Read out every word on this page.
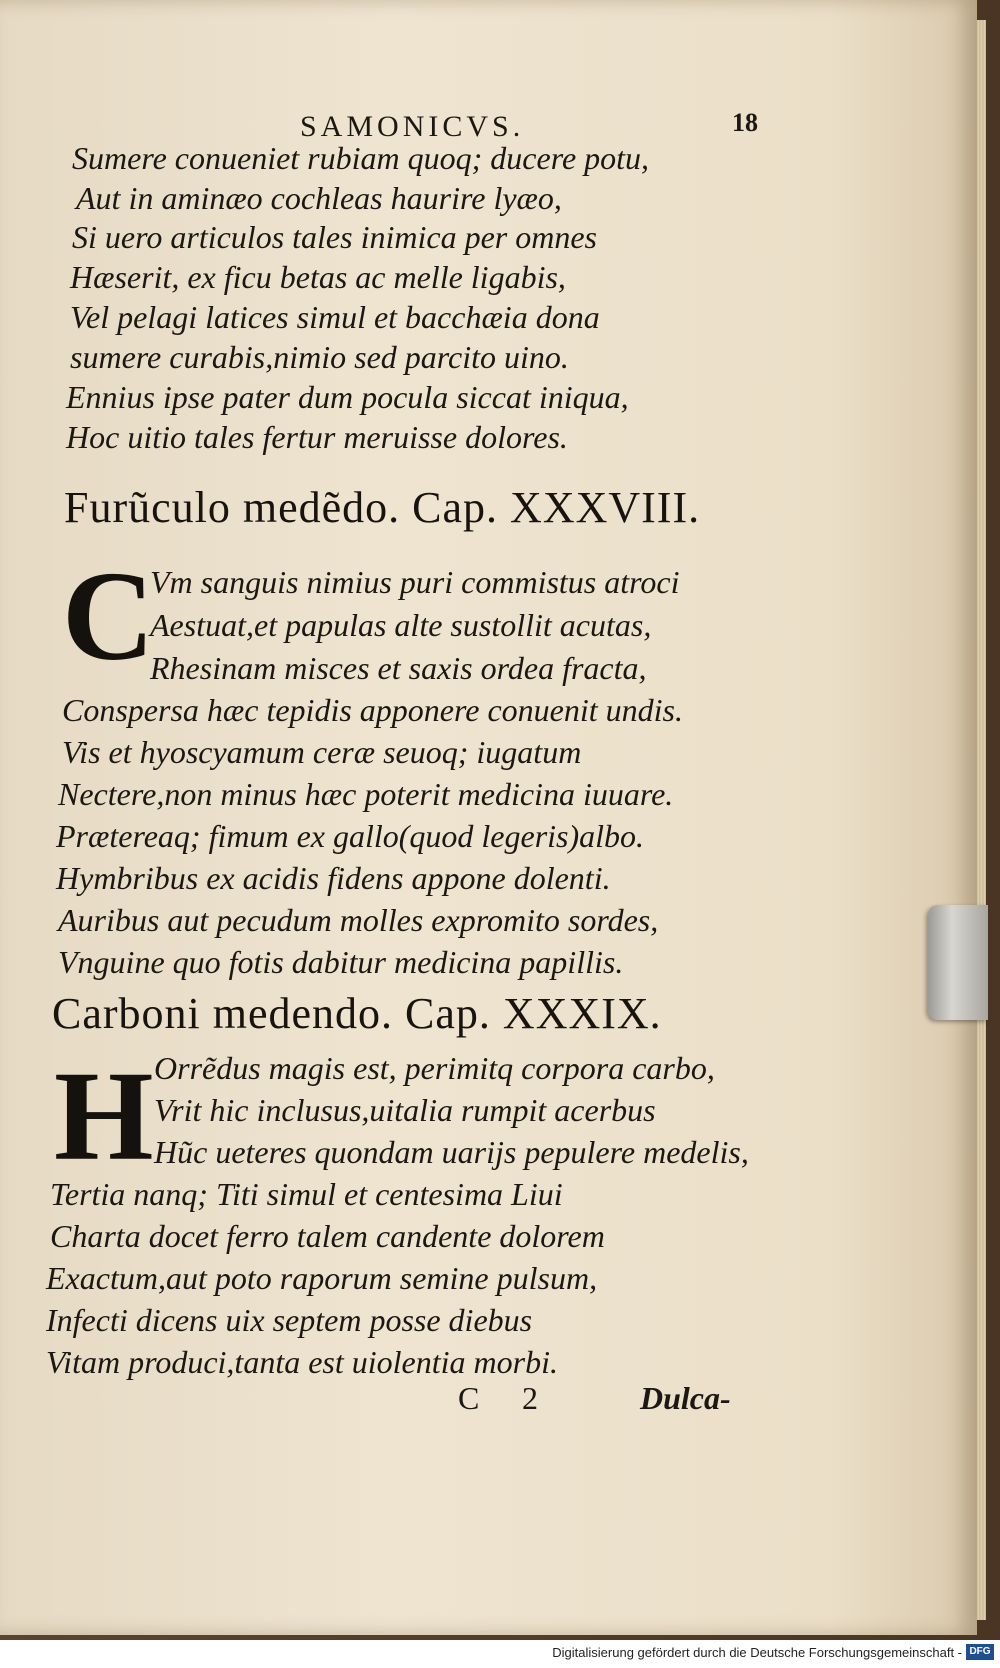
SAMONICVS.	18
Sumere conueniet rubiam quoq; ducere potu,
Aut in aminæo cochleas haurire lyæo,
Si uero articulos tales inimica per omnes
Hæserit, ex ficu betas ac melle ligabis,
Vel pelagi latices simul et bacchæia dona
sumere curabis,nimio sed parcito uino.
Ennius ipse pater dum pocula siccat iniqua,
Hoc uitio tales fertur meruisse dolores.
Furũculo medẽdo. Cap. XXXVIII.
C
Vm sanguis nimius puri commistus atroci
Aestuat,et papulas alte sustollit acutas,
Rhesinam misces et saxis ordea fracta,
Conspersa hæc tepidis apponere conuenit undis.
Vis et hyoscyamum ceræ seuoq; iugatum
Nectere,non minus hæc poterit medicina iuuare.
Prætereaq; fimum ex gallo(quod legeris)albo.
Hymbribus ex acidis fidens appone dolenti.
Auribus aut pecudum molles expromito sordes,
Vnguine quo fotis dabitur medicina papillis.
Carboni medendo. Cap. XXXIX.
H Orrẽdus magis est, perimitq corpora carbo,
Vrit hic inclusus,uitalia rumpit acerbus
Hũc ueteres quondam uarijs pepulere medelis,
Tertia nanq; Titi simul et centesima Liui
Charta docet ferro talem candente dolorem
Exactum,aut poto raporum semine pulsum,
Infecti dicens uix septem posse diebus
Vitam produci,tanta est uiolentia morbi.
C 2	Dulca-
Digitalisierung gefördert durch die Deutsche Forschungsgemeinschaft - DFG
